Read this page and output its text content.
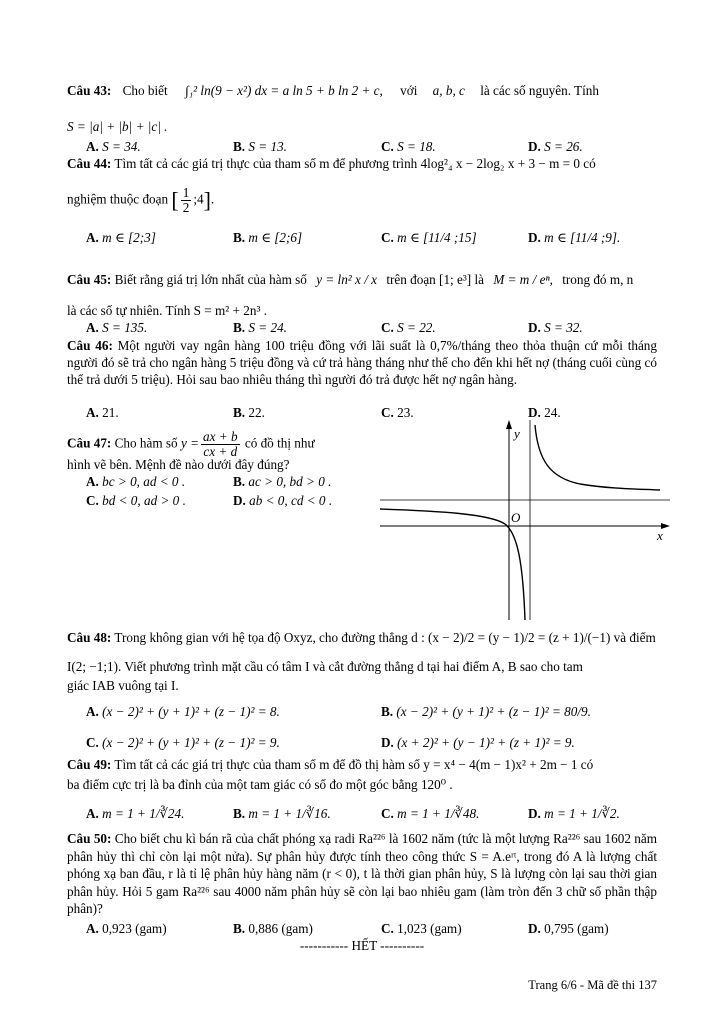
Câu 43: Cho biết ∫₁² ln(9 − x²) dx = a ln 5 + b ln 2 + c, với a, b, c là các số nguyên. Tính
S = |a| + |b| + |c| .
A. S = 34.	B. S = 13.	C. S = 18.	D. S = 26.
Câu 44: Tìm tất cả các giá trị thực của tham số m để phương trình 4log²₄ x − 2log₂ x + 3 − m = 0 có
nghiệm thuộc đoạn [ $\frac{1}{2}$ ;4].
A. m ∈ [2;3]	B. m ∈ [2;6]	C. m ∈ [11/4 ;15]	D. m ∈ [11/4 ;9].
Câu 45: Biết rằng giá trị lớn nhất của hàm số y = ln² x / x trên đoạn [1; e³] là M = m / eⁿ, trong đó m, n
là các số tự nhiên. Tính S = m² + 2n³ .
A. S = 135.	B. S = 24.	C. S = 22.	D. S = 32.
Câu 46: Một người vay ngân hàng 100 triệu đồng với lãi suất là 0,7%/tháng theo thỏa thuận cứ mỗi tháng người đó sẽ trả cho ngân hàng 5 triệu đồng và cứ trả hàng tháng như thế cho đến khi hết nợ (tháng cuối cùng có thể trả dưới 5 triệu). Hỏi sau bao nhiêu tháng thì người đó trả được hết nợ ngân hàng.
A. 21.	B. 22.	C. 23.	D. 24.
Câu 47: Cho hàm số $y = \frac{ax + b}{cx + d}$ có đồ thị như
hình vẽ bên. Mệnh đề nào dưới đây đúng?
A. bc > 0, ad < 0 .	B. ac > 0, bd > 0 .
C. bd < 0, ad > 0 .	D. ab < 0, cd < 0 .
y
x
O
Câu 48: Trong không gian với hệ tọa độ Oxyz, cho đường thẳng d : (x − 2)/2 = (y − 1)/2 = (z + 1)/(−1) và điểm
I(2; −1;1). Viết phương trình mặt cầu có tâm I và cắt đường thẳng d tại hai điểm A, B sao cho tam
giác IAB vuông tại I.
A. (x − 2)² + (y + 1)² + (z − 1)² = 8.	B. (x − 2)² + (y + 1)² + (z − 1)² = 80/9.
C. (x − 2)² + (y + 1)² + (z − 1)² = 9.	D. (x + 2)² + (y − 1)² + (z + 1)² = 9.
Câu 49: Tìm tất cả các giá trị thực của tham số m để đồ thị hàm số y = x⁴ − 4(m − 1)x² + 2m − 1 có
ba điểm cực trị là ba đỉnh của một tam giác có số đo một góc bằng 120⁰ .
A. m = 1 + 1/∛24.	B. m = 1 + 1/∛16.	C. m = 1 + 1/∛48.	D. m = 1 + 1/∛2.
Câu 50: Cho biết chu kì bán rã của chất phóng xạ radi Ra²²⁶ là 1602 năm (tức là một lượng Ra²²⁶ sau 1602 năm phân hủy thì chỉ còn lại một nửa). Sự phân hủy được tính theo công thức S = A.eʳᵗ, trong đó A là lượng chất phóng xạ ban đầu, r là tỉ lệ phân hủy hàng năm (r < 0), t là thời gian phân hủy, S là lượng còn lại sau thời gian phân hủy. Hỏi 5 gam Ra²²⁶ sau 4000 năm phân hủy sẽ còn lại bao nhiêu gam (làm tròn đến 3 chữ số phần thập phân)?
A. 0,923 (gam)	B. 0,886 (gam)	C. 1,023 (gam)	D. 0,795 (gam)
----------- HẾT ----------
Trang 6/6 - Mã đề thi 137
